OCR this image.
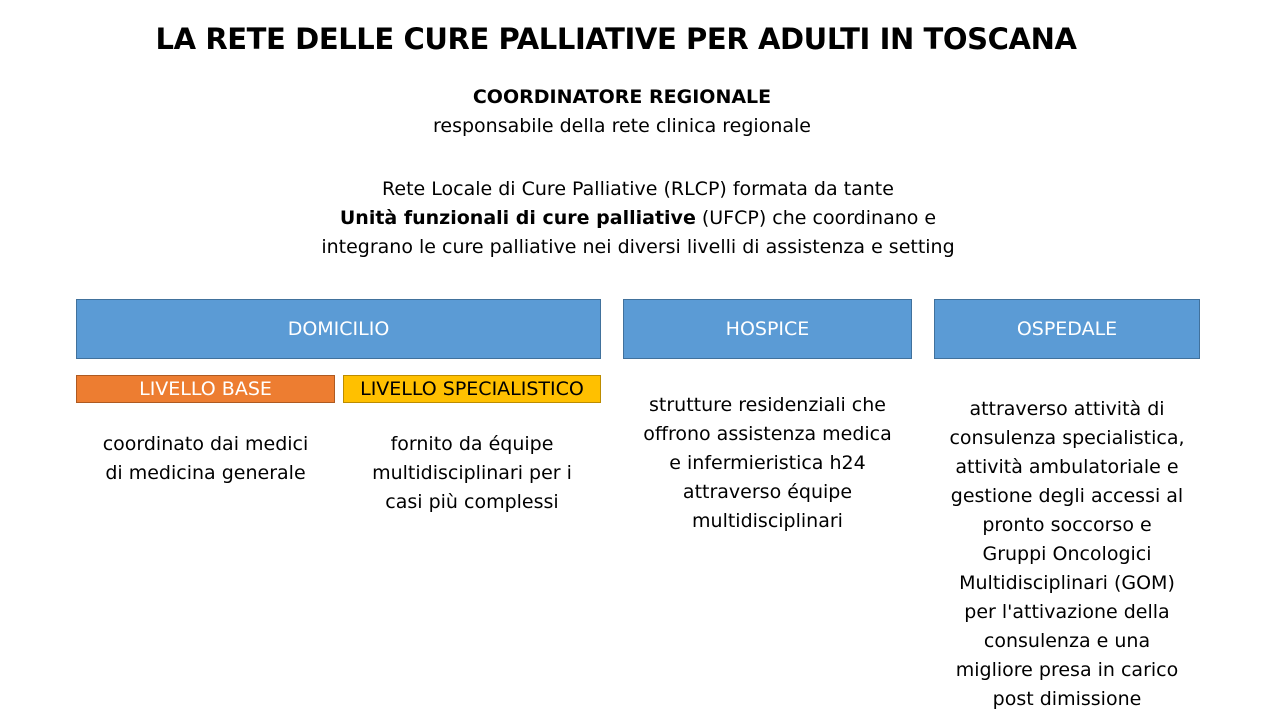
LA RETE DELLE CURE PALLIATIVE PER ADULTI IN TOSCANA
COORDINATORE REGIONALE
responsabile della rete clinica regionale
Rete Locale di Cure Palliative (RLCP) formata da tante
Unità funzionali di cure palliative (UFCP) che coordinano e
integrano le cure palliative nei diversi livelli di assistenza e setting
DOMICILIO	HOSPICE	OSPEDALE
LIVELLO BASE	LIVELLO SPECIALISTICO
coordinato dai medici
di medicina generale
fornito da équipe
multidisciplinari per i
casi più complessi
strutture residenziali che
offrono assistenza medica
e infermieristica h24
attraverso équipe
multidisciplinari
attraverso attività di
consulenza specialistica,
attività ambulatoriale e
gestione degli accessi al
pronto soccorso e
Gruppi Oncologici
Multidisciplinari (GOM)
per l'attivazione della
consulenza e una
migliore presa in carico
post dimissione
